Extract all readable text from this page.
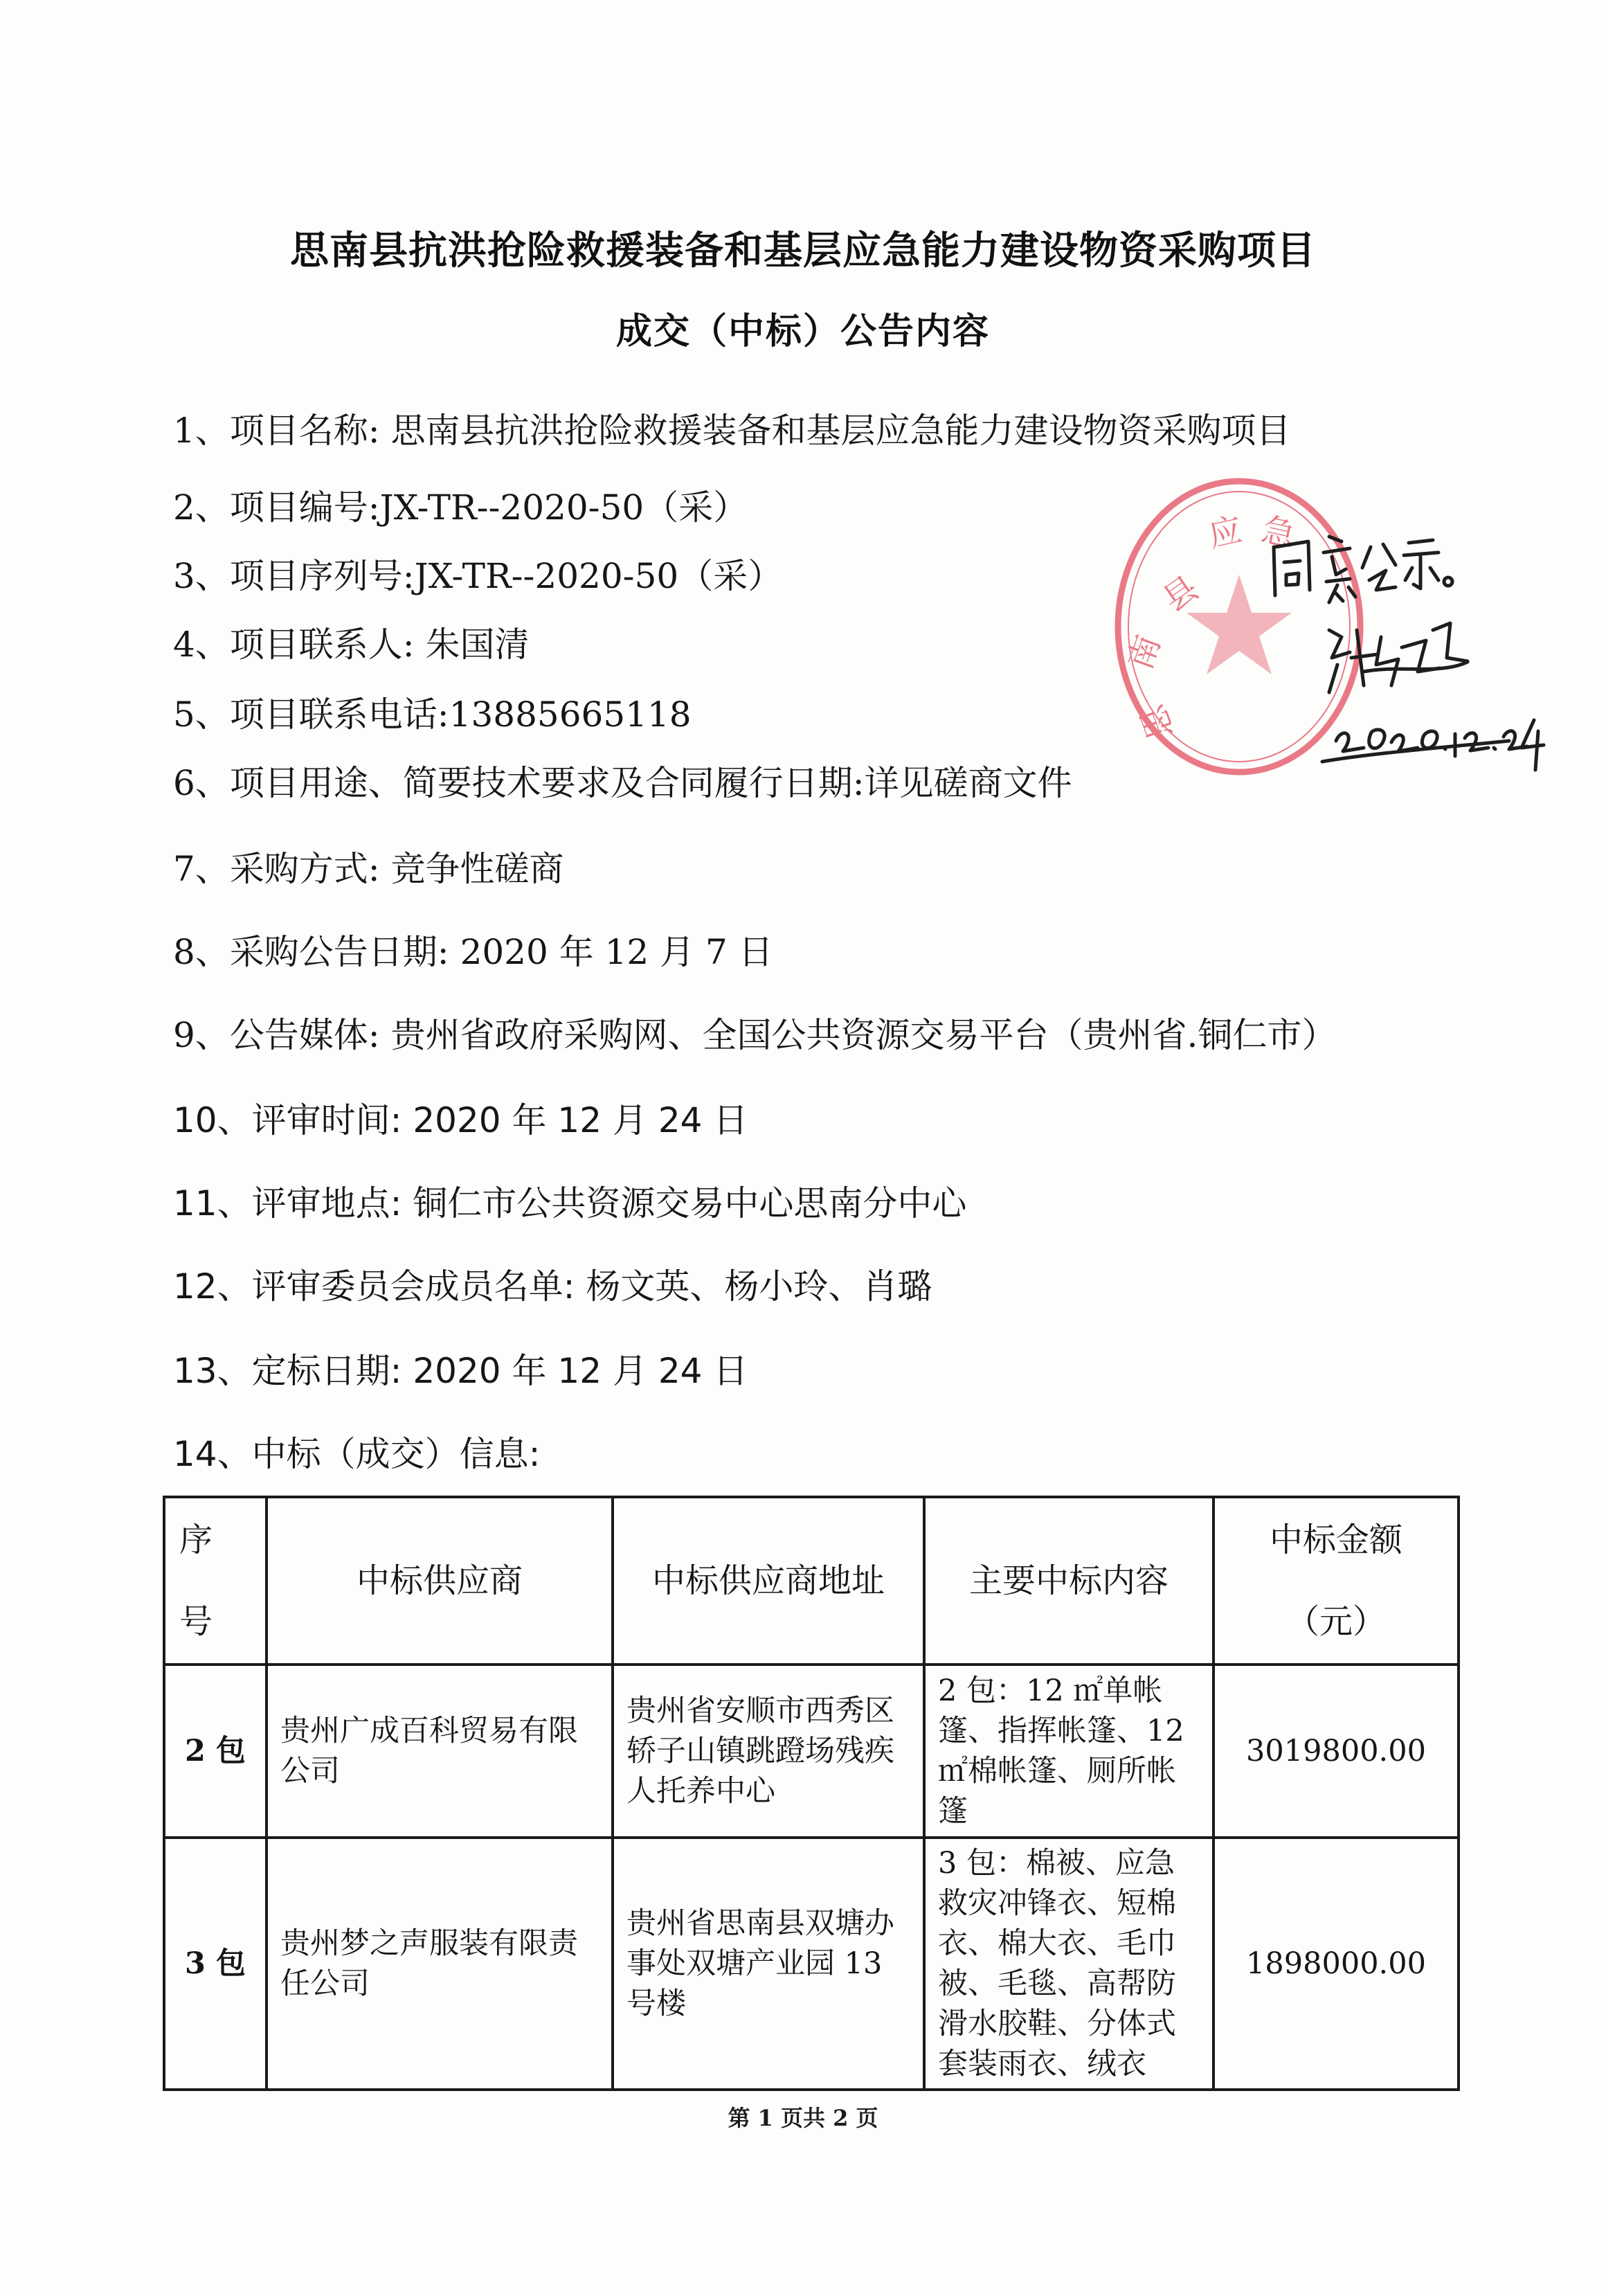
思南县抗洪抢险救援装备和基层应急能力建设物资采购项目
成交（中标）公告内容
1、项目名称: 思南县抗洪抢险救援装备和基层应急能力建设物资采购项目
2、项目编号:JX-TR--2020-50（采）
3、项目序列号:JX-TR--2020-50（采）
4、项目联系人: 朱国清
5、项目联系电话:13885665118
6、项目用途、简要技术要求及合同履行日期:详见磋商文件
7、采购方式: 竞争性磋商
8、采购公告日期: 2020 年 12 月 7 日
9、公告媒体: 贵州省政府采购网、全国公共资源交易平台（贵州省.铜仁市）
10、评审时间: 2020 年 12 月 24 日
11、评审地点: 铜仁市公共资源交易中心思南分中心
12、评审委员会成员名单: 杨文英、杨小玲、肖璐
13、定标日期: 2020 年 12 月 24 日
14、中标（成交）信息:
序号	中标供应商	中标供应商地址	主要中标内容	中标金额（元）

2 包	贵州广成百科贸易有限公司	贵州省安顺市西秀区轿子山镇跳蹬场残疾人托养中心	2 包：12 ㎡单帐篷、指挥帐篷、12 ㎡棉帐篷、厕所帐篷	3019800.00
3 包	贵州梦之声服装有限责任公司	贵州省思南县双塘办事处双塘产业园 13 号楼	3 包：棉被、应急救灾冲锋衣、短棉衣、棉大衣、毛巾被、毛毯、高帮防滑水胶鞋、分体式套装雨衣、绒衣	1898000.00
第 1 页共 2 页
县
应 急
南
思
